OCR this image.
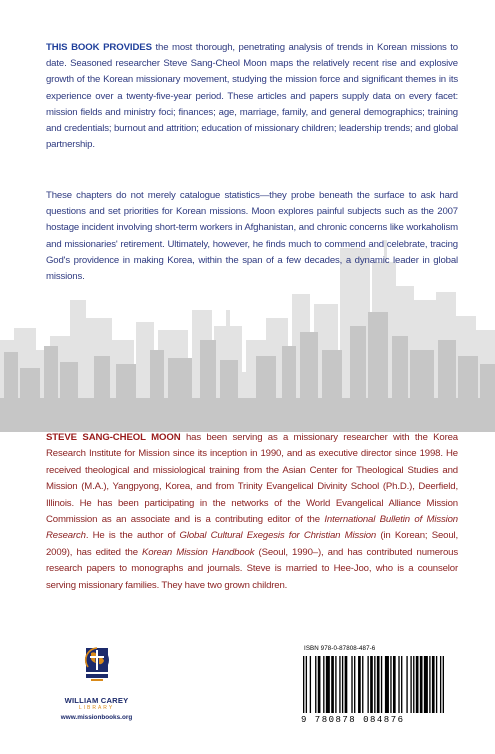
THIS BOOK PROVIDES the most thorough, penetrating analysis of trends in Korean missions to date. Seasoned researcher Steve Sang-Cheol Moon maps the relatively recent rise and explosive growth of the Korean missionary movement, studying the mission force and significant themes in its experience over a twenty-five-year period. These articles and papers supply data on every facet: mission fields and ministry foci; finances; age, marriage, family, and general demographics; training and credentials; burnout and attrition; education of missionary children; leadership trends; and global partnership.
These chapters do not merely catalogue statistics—they probe beneath the surface to ask hard questions and set priorities for Korean missions. Moon explores painful subjects such as the 2007 hostage incident involving short-term workers in Afghanistan, and chronic concerns like workaholism and missionaries' retirement. Ultimately, however, he finds much to commend and celebrate, tracing God's providence in making Korea, within the span of a few decades, a dynamic leader in global missions.
STEVE SANG-CHEOL MOON has been serving as a missionary researcher with the Korea Research Institute for Mission since its inception in 1990, and as executive director since 1998. He received theological and missiological training from the Asian Center for Theological Studies and Mission (M.A.), Yangpyong, Korea, and from Trinity Evangelical Divinity School (Ph.D.), Deerfield, Illinois. He has been participating in the networks of the World Evangelical Alliance Mission Commission as an associate and is a contributing editor of the International Bulletin of Mission Research. He is the author of Global Cultural Exegesis for Christian Mission (in Korean; Seoul, 2009), has edited the Korean Mission Handbook (Seoul, 1990–), and has contributed numerous research papers to monographs and journals. Steve is married to Hee-Joo, who is a counselor serving missionary families. They have two grown children.
WILLIAM CAREY
LIBRARY
www.missionbooks.org
ISBN 978-0-87808-487-6
9 780878 084876
